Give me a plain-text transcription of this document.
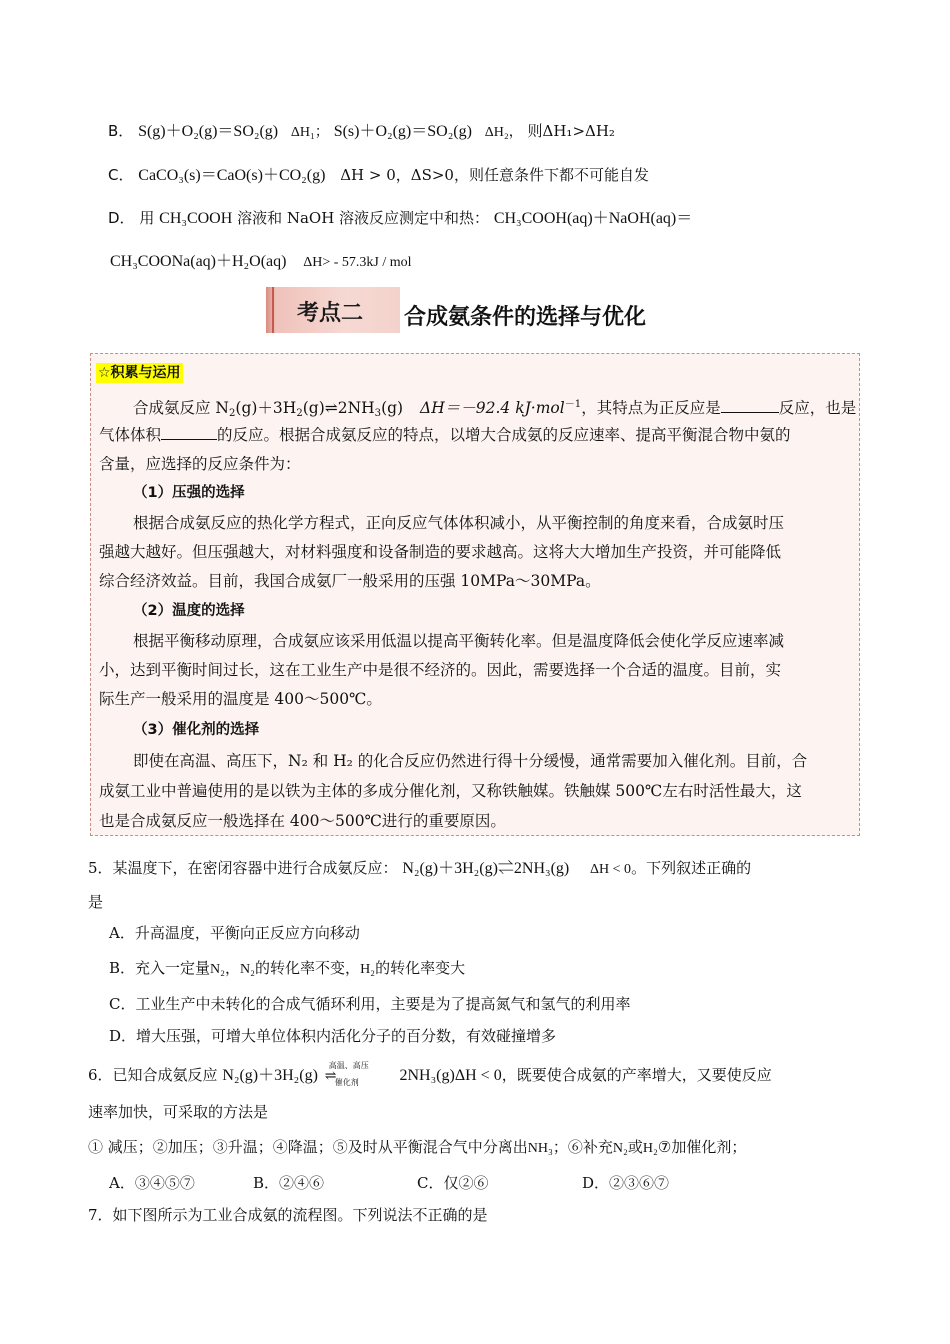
B． S(g)＋O₂(g)＝SO₂(g) ΔH₁； S(s)＋O₂(g)＝SO₂(g) ΔH₂， 则ΔH₁>ΔH₂
C． CaCO₃(s)＝CaO(s)＋CO₂(g) ΔH > 0，ΔS>0，则任意条件下都不可能自发
D． 用 CH₃COOH 溶液和 NaOH 溶液反应测定中和热： CH₃COOH(aq)＋NaOH(aq)＝
CH₃COONa(aq)＋H₂O(aq) ΔH> - 57.3kJ / mol
考点二 合成氨条件的选择与优化
☆积累与运用
合成氨反应 $N_2(g)+3H_2(g)\rightleftharpoons 2NH_3(g)$ ΔH＝－92.4 kJ·mol$^{-1}$，其特点为正反应是	反应，也是
气体体积	的反应。根据合成氨反应的特点，以增大合成氨的反应速率、提高平衡混合物中氨的
含量，应选择的反应条件为：
（1）压强的选择
根据合成氨反应的热化学方程式，正向反应气体体积减小，从平衡控制的角度来看，合成氨时压
强越大越好。但压强越大，对材料强度和设备制造的要求越高。这将大大增加生产投资，并可能降低
综合经济效益。目前，我国合成氨厂一般采用的压强 10MPa～30MPa。
（2）温度的选择
根据平衡移动原理，合成氨应该采用低温以提高平衡转化率。但是温度降低会使化学反应速率减
小，达到平衡时间过长，这在工业生产中是很不经济的。因此，需要选择一个合适的温度。目前，实
际生产一般采用的温度是 400～500℃。
（3）催化剂的选择
即使在高温、高压下，N₂ 和 H₂ 的化合反应仍然进行得十分缓慢，通常需要加入催化剂。目前，合
成氨工业中普遍使用的是以铁为主体的多成分催化剂，又称铁触媒。铁触媒 500℃左右时活性最大，这
也是合成氨反应一般选择在 400～500℃进行的重要原因。
5．某温度下，在密闭容器中进行合成氨反应： N₂(g)＋3H₂(g)⇌2NH₃(g) ΔH < 0。下列叙述正确的
是
A．升高温度，平衡向正反应方向移动
B．充入一定量N₂，N₂的转化率不变，H₂的转化率变大
C．工业生产中未转化的合成气循环利用，主要是为了提高氮气和氢气的利用率
D．增大压强，可增大单位体积内活化分子的百分数，有效碰撞增多
6．已知合成氨反应 N₂(g)＋3H₂(g)
高温、高压
⇌
催化剂	2NH₃(g)ΔH < 0，既要使合成氨的产率增大，又要使反应
速率加快，可采取的方法是
① 减压；②加压；③升温；④降温；⑤及时从平衡混合气中分离出NH₃；⑥补充N₂或H₂⑦加催化剂；
A．③④⑤⑦	B．②④⑥	C．仅②⑥	D．②③⑥⑦
7．如下图所示为工业合成氨的流程图。下列说法不正确的是
